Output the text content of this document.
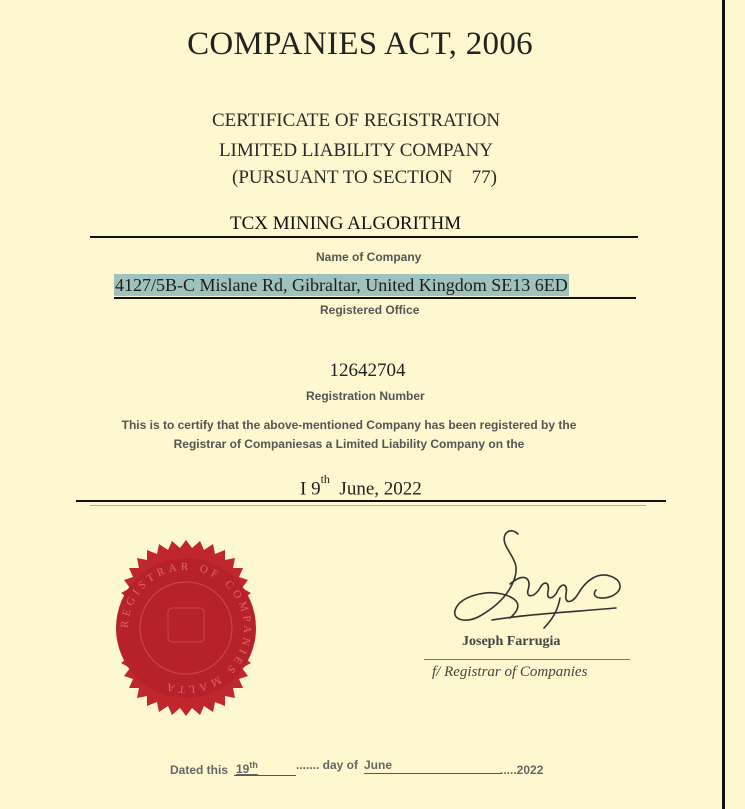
COMPANIES ACT, 2006
CERTIFICATE OF REGISTRATION
LIMITED LIABILITY COMPANY
(PURSUANT TO SECTION 77)
TCX MINING ALGORITHM
Name of Company
4127/5B-C Mislane Rd, Gibraltar, United Kingdom SE13 6ED
Registered Office
12642704
Registration Number
This is to certify that the above-mentioned Company has been registered by the
Registrar of Companiesas a Limited Liability Company on the
I 9th June, 2022
REGISTRAR OF COMPANIES MALTA
Joseph Farrugia
f/ Registrar of Companies
Dated this 19th	....... day of June	.....2022
